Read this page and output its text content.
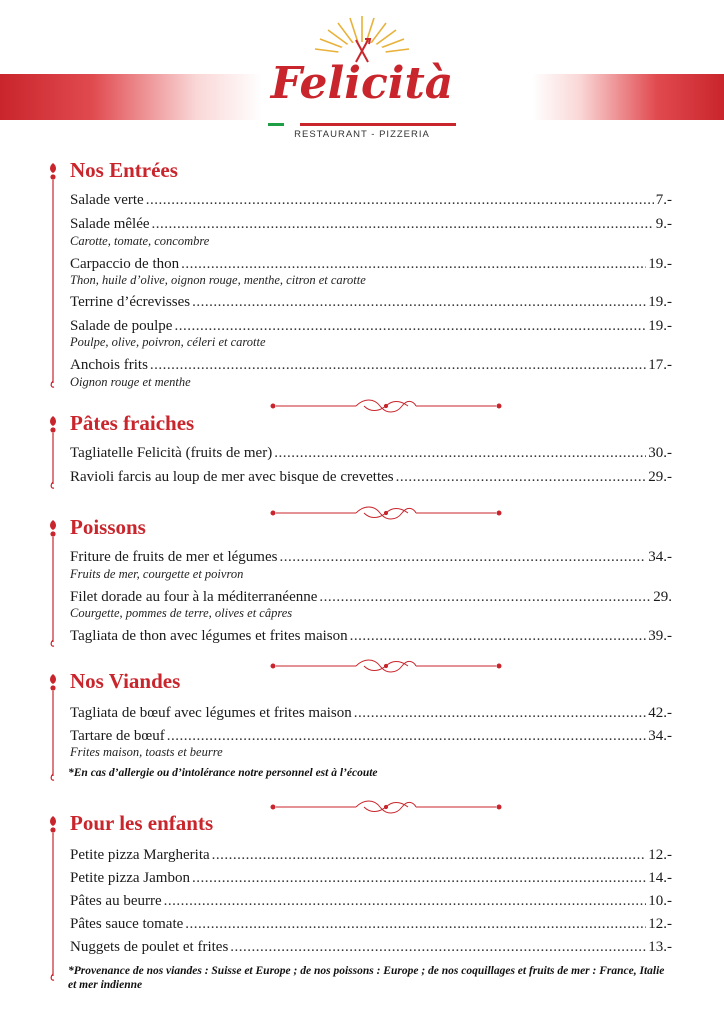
Felicità
RESTAURANT - PIZZERIA
Nos Entrées
Salade verte .....	7.-
Salade mêlée .....	9.-
Carotte, tomate, concombre
Carpaccio de thon .....	19.-
Thon, huile d’olive, oignon rouge, menthe, citron et carotte
Terrine d’écrevisses .....	19.-
Salade de poulpe .....	19.-
Poulpe, olive, poivron, céleri et carotte
Anchois frits .....	17.-
Oignon rouge et menthe
Pâtes fraiches
Tagliatelle Felicità (fruits de mer) .....	30.-
Ravioli farcis au loup de mer avec bisque de crevettes .....	29.-
Poissons
Friture de fruits de mer et légumes .....	34.-
Fruits de mer, courgette et poivron
Filet dorade au four à la méditerranéenne .....	29.
Courgette, pommes de terre, olives et câpres
Tagliata de thon avec légumes et frites maison .....	39.-
Nos Viandes
Tagliata de bœuf avec légumes et frites maison .....	42.-
Tartare de bœuf .....	34.-
Frites maison, toasts et beurre
*En cas d’allergie ou d’intolérance notre personnel est à l’écoute
Pour les enfants
Petite pizza Margherita .....	12.-
Petite pizza Jambon .....	14.-
Pâtes au beurre .....	10.-
Pâtes sauce tomate .....	12.-
Nuggets de poulet et frites .....	13.-
*Provenance de nos viandes : Suisse et Europe ; de nos poissons : Europe ; de nos coquillages et fruits de mer : France, Italie et mer indienne
